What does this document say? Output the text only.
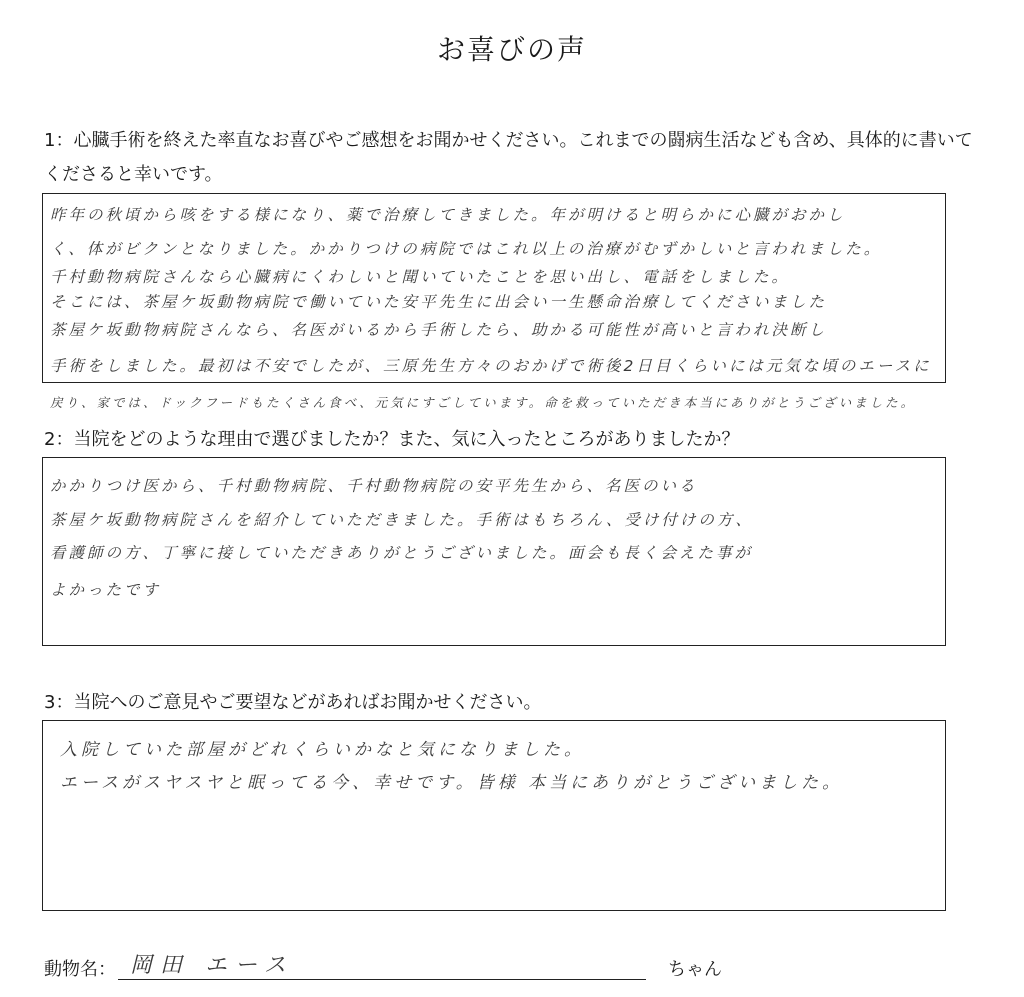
お喜びの声
1：心臓手術を終えた率直なお喜びやご感想をお聞かせください。これまでの闘病生活なども含め、具体的に書いてくださると幸いです。
昨年の秋頃から咳をする様になり、薬で治療してきました。年が明けると明らかに心臓がおかし
く、体がビクンとなりました。かかりつけの病院ではこれ以上の治療がむずかしいと言われました。
千村動物病院さんなら心臓病にくわしいと聞いていたことを思い出し、電話をしました。
そこには、茶屋ケ坂動物病院で働いていた安平先生に出会い一生懸命治療してくださいました
茶屋ケ坂動物病院さんなら、名医がいるから手術したら、助かる可能性が高いと言われ決断し
手術をしました。最初は不安でしたが、三原先生方々のおかげで術後2日目くらいには元気な頃のエースに
戻り、家では、ドックフードもたくさん食べ、元気にすごしています。命を救っていただき本当にありがとうございました。
2：当院をどのような理由で選びましたか？また、気に入ったところがありましたか？
かかりつけ医から、千村動物病院、千村動物病院の安平先生から、名医のいる
茶屋ケ坂動物病院さんを紹介していただきました。手術はもちろん、受け付けの方、
看護師の方、丁寧に接していただきありがとうございました。面会も長く会えた事が
よかったです
3：当院へのご意見やご要望などがあればお聞かせください。
入院していた部屋がどれくらいかなと気になりました。
エースがスヤスヤと眠ってる今、幸せです。皆様 本当にありがとうございました。
動物名： 岡田 エース	ちゃん
